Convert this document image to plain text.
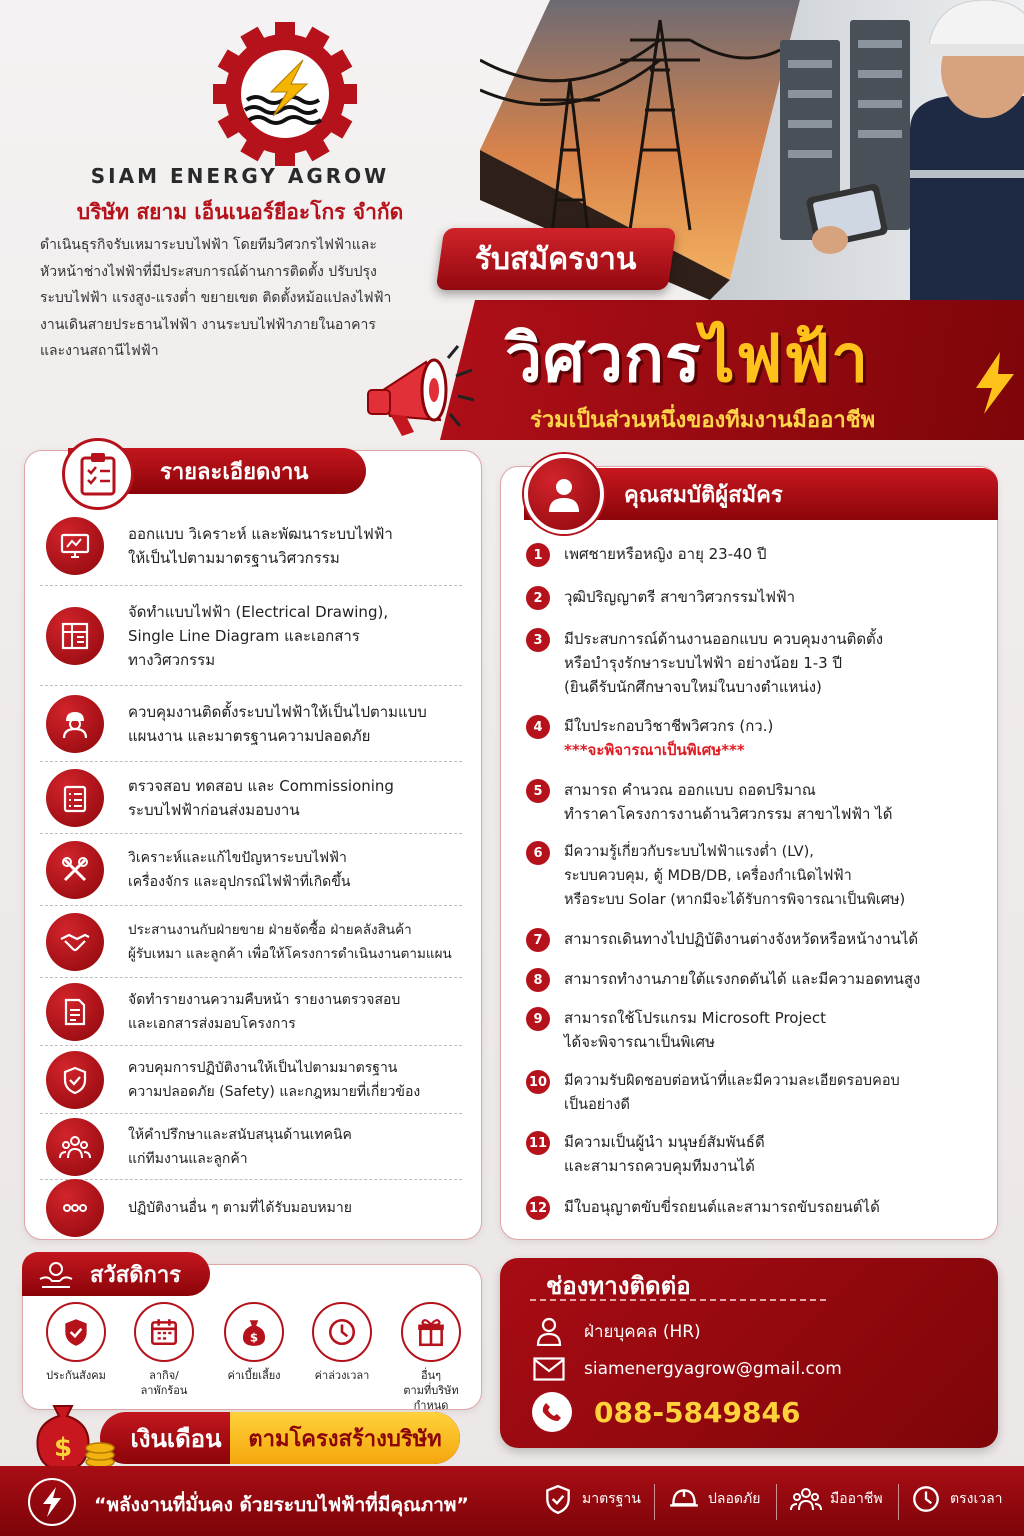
SIAM ENERGY AGROW
บริษัท สยาม เอ็นเนอร์ยีอะโกร จำกัด
ดำเนินธุรกิจรับเหมาระบบไฟฟ้า โดยทีมวิศวกรไฟฟ้าและ
หัวหน้าช่างไฟฟ้าที่มีประสบการณ์ด้านการติดตั้ง ปรับปรุง
ระบบไฟฟ้า แรงสูง-แรงต่ำ ขยายเขต ติดตั้งหม้อแปลงไฟฟ้า
งานเดินสายประธานไฟฟ้า งานระบบไฟฟ้าภายในอาคาร
และงานสถานีไฟฟ้า
รับสมัครงาน
วิศวกรไฟฟ้า
ร่วมเป็นส่วนหนึ่งของทีมงานมืออาชีพ
รายละเอียดงาน
ออกแบบ วิเคราะห์ และพัฒนาระบบไฟฟ้า
ให้เป็นไปตามมาตรฐานวิศวกรรม
จัดทำแบบไฟฟ้า (Electrical Drawing),
Single Line Diagram และเอกสาร
ทางวิศวกรรม
ควบคุมงานติดตั้งระบบไฟฟ้าให้เป็นไปตามแบบ
แผนงาน และมาตรฐานความปลอดภัย
ตรวจสอบ ทดสอบ และ Commissioning
ระบบไฟฟ้าก่อนส่งมอบงาน
วิเคราะห์และแก้ไขปัญหาระบบไฟฟ้า
เครื่องจักร และอุปกรณ์ไฟฟ้าที่เกิดขึ้น
ประสานงานกับฝ่ายขาย ฝ่ายจัดซื้อ ฝ่ายคลังสินค้า
ผู้รับเหมา และลูกค้า เพื่อให้โครงการดำเนินงานตามแผน
จัดทำรายงานความคืบหน้า รายงานตรวจสอบ
และเอกสารส่งมอบโครงการ
ควบคุมการปฏิบัติงานให้เป็นไปตามมาตรฐาน
ความปลอดภัย (Safety) และกฎหมายที่เกี่ยวข้อง
ให้คำปรึกษาและสนับสนุนด้านเทคนิค
แก่ทีมงานและลูกค้า
ปฏิบัติงานอื่น ๆ ตามที่ได้รับมอบหมาย
คุณสมบัติผู้สมัคร
1	เพศชายหรือหญิง อายุ 23-40 ปี
2	วุฒิปริญญาตรี สาขาวิศวกรรมไฟฟ้า
3	มีประสบการณ์ด้านงานออกแบบ ควบคุมงานติดตั้ง
หรือบำรุงรักษาระบบไฟฟ้า อย่างน้อย 1-3 ปี
(ยินดีรับนักศึกษาจบใหม่ในบางตำแหน่ง)
4	มีใบประกอบวิชาชีพวิศวกร (กว.)
***จะพิจารณาเป็นพิเศษ***
5	สามารถ คำนวณ ออกแบบ ถอดปริมาณ
ทำราคาโครงการงานด้านวิศวกรรม สาขาไฟฟ้า ได้
6	มีความรู้เกี่ยวกับระบบไฟฟ้าแรงต่ำ (LV),
ระบบควบคุม, ตู้ MDB/DB, เครื่องกำเนิดไฟฟ้า
หรือระบบ Solar (หากมีจะได้รับการพิจารณาเป็นพิเศษ)
7	สามารถเดินทางไปปฏิบัติงานต่างจังหวัดหรือหน้างานได้
8	สามารถทำงานภายใต้แรงกดดันได้ และมีความอดทนสูง
9	สามารถใช้โปรแกรม Microsoft Project
ได้จะพิจารณาเป็นพิเศษ
10 มีความรับผิดชอบต่อหน้าที่และมีความละเอียดรอบคอบ
เป็นอย่างดี
11 มีความเป็นผู้นำ มนุษย์สัมพันธ์ดี
และสามารถควบคุมทีมงานได้
12 มีใบอนุญาตขับขี่รถยนต์และสามารถขับรถยนต์ได้
สวัสดิการ
ประกันสังคม	ลากิจ/
ลาพักร้อน
$
ค่าเบี้ยเลี้ยง	ค่าล่วงเวลา	อื่นๆ
ตามที่บริษัทกำหนด
เงินเดือน	ตามโครงสร้างบริษัท
$
ช่องทางติดต่อ
ฝ่ายบุคคล (HR)
siamenergyagrow@gmail.com
088-5849846
“พลังงานที่มั่นคง ด้วยระบบไฟฟ้าที่มีคุณภาพ”	มาตรฐาน	ปลอดภัย	มืออาชีพ	ตรงเวลา
